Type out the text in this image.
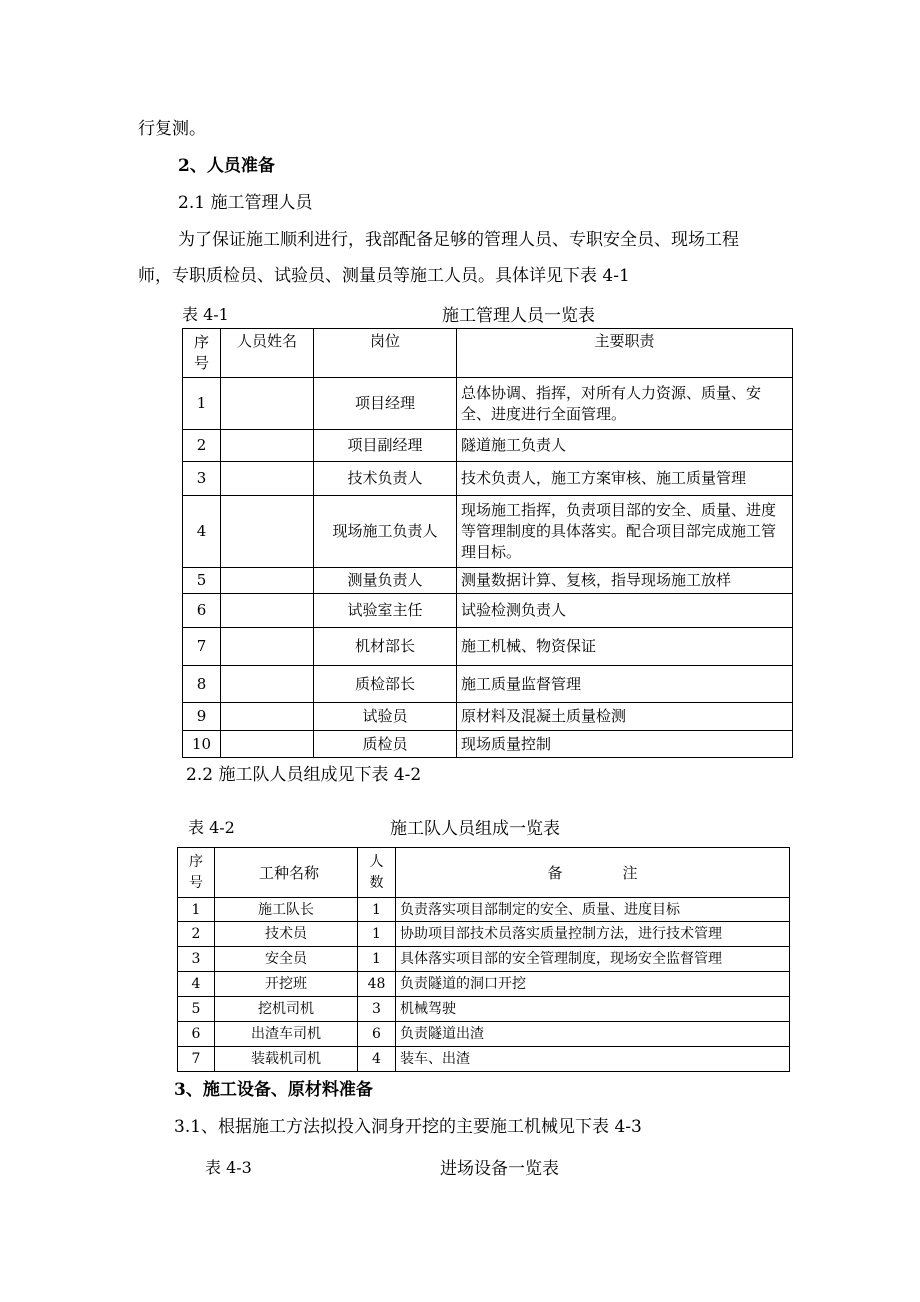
行复测。
2、人员准备
2.1 施工管理人员
为了保证施工顺利进行，我部配备足够的管理人员、专职安全员、现场工程
师，专职质检员、试验员、测量员等施工人员。具体详见下表 4-1
表 4-1	施工管理人员一览表
序号	人员姓名	岗位	主要职责
1		项目经理	总体协调、指挥，对所有人力资源、质量、安全、进度进行全面管理。
2		项目副经理	隧道施工负责人
3		技术负责人	技术负责人，施工方案审核、施工质量管理
4		现场施工负责人	现场施工指挥，负责项目部的安全、质量、进度等管理制度的具体落实。配合项目部完成施工管理目标。
5		测量负责人	测量数据计算、复核，指导现场施工放样
6		试验室主任	试验检测负责人
7		机材部长	施工机械、物资保证
8		质检部长	施工质量监督管理
9		试验员	原材料及混凝土质量检测
10		质检员	现场质量控制
2.2 施工队人员组成见下表 4-2
表 4-2	施工队人员组成一览表
序号	工种名称	人数	备　　　　注
1	施工队长	1	负责落实项目部制定的安全、质量、进度目标
2	技术员	1	协助项目部技术员落实质量控制方法，进行技术管理
3	安全员	1	具体落实项目部的安全管理制度，现场安全监督管理
4	开挖班	48	负责隧道的洞口开挖
5	挖机司机	3	机械驾驶
6	出渣车司机	6	负责隧道出渣
7	装载机司机	4	装车、出渣
3、施工设备、原材料准备
3.1、根据施工方法拟投入洞身开挖的主要施工机械见下表 4-3
表 4-3	进场设备一览表
